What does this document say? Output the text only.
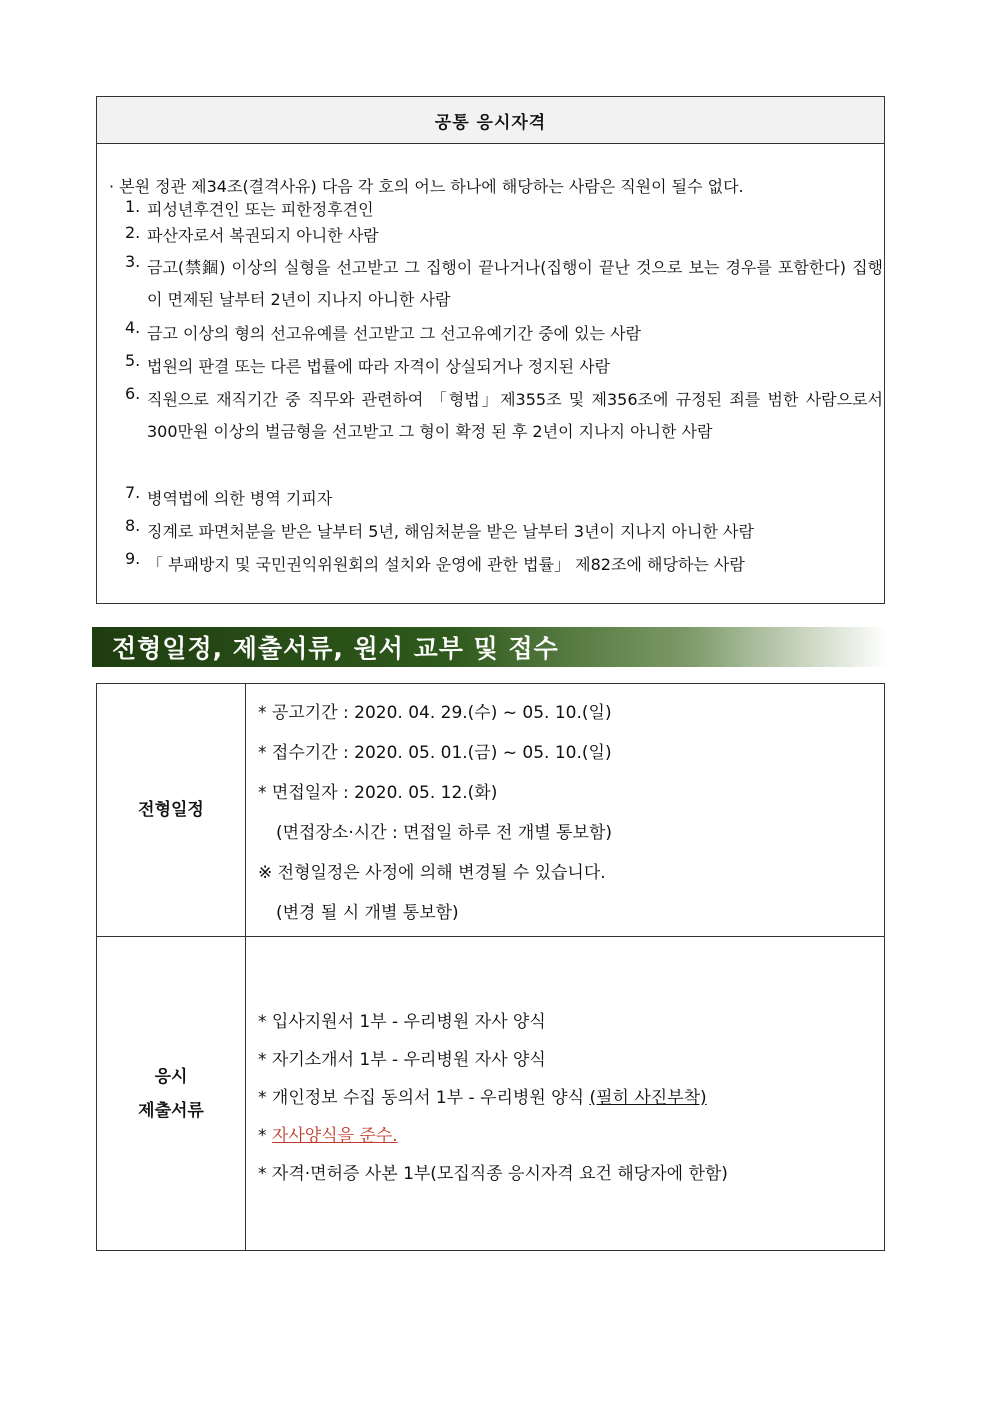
공통 응시자격
· 본원 정관 제34조(결격사유) 다음 각 호의 어느 하나에 해당하는 사람은 직원이 될수 없다.
1. 피성년후견인 또는 피한정후견인
2. 파산자로서 복권되지 아니한 사람
3. 금고(禁錮) 이상의 실형을 선고받고 그 집행이 끝나거나(집행이 끝난 것으로 보는 경우를 포함한다) 집행이 면제된 날부터 2년이 지나지 아니한 사람
4. 금고 이상의 형의 선고유예를 선고받고 그 선고유예기간 중에 있는 사람
5. 법원의 판결 또는 다른 법률에 따라 자격이 상실되거나 정지된 사람
6. 직원으로 재직기간 중 직무와 관련하여 「형법」제355조 및 제356조에 규정된 죄를 범한 사람으로서 300만원 이상의 벌금형을 선고받고 그 형이 확정 된 후 2년이 지나지 아니한 사람
7. 병역법에 의한 병역 기피자
8. 징계로 파면처분을 받은 날부터 5년, 해임처분을 받은 날부터 3년이 지나지 아니한 사람
9. 「 부패방지 및 국민권익위원회의 설치와 운영에 관한 법률」 제82조에 해당하는 사람
전형일정, 제출서류, 원서 교부 및 접수
전형일정
* 공고기간 : 2020. 04. 29.(수) ~ 05. 10.(일)
* 접수기간 : 2020. 05. 01.(금) ~ 05. 10.(일)
* 면접일자 : 2020. 05. 12.(화)
(면접장소·시간 : 면접일 하루 전 개별 통보함)
※ 전형일정은 사정에 의해 변경될 수 있습니다.
(변경 될 시 개별 통보함)
응시
제출서류
* 입사지원서 1부 - 우리병원 자사 양식
* 자기소개서 1부 - 우리병원 자사 양식
* 개인정보 수집 동의서 1부 - 우리병원 양식 (필히 사진부착)
* 자사양식을 준수.
* 자격·면허증 사본 1부(모집직종 응시자격 요건 해당자에 한함)
